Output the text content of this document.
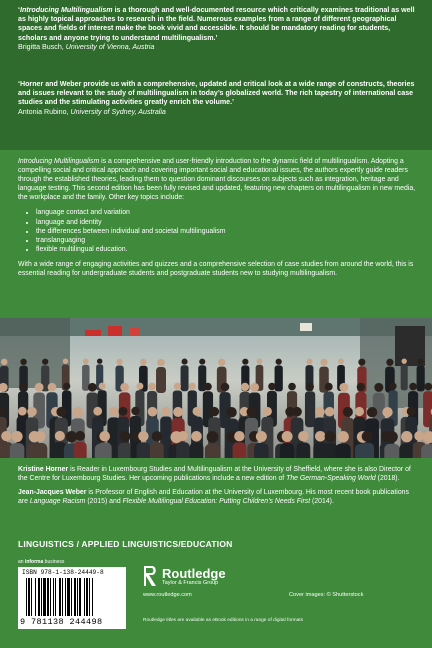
‘Introducing Multilingualism is a thorough and well-documented resource which critically examines traditional as well as highly topical approaches to research in the field. Numerous examples from a range of different geographical spaces and fields of interest make the book vivid and accessible. It should be mandatory reading for students, scholars and anyone trying to understand multilingualism.’
Brigitta Busch, University of Vienna, Austria
‘Horner and Weber provide us with a comprehensive, updated and critical look at a wide range of constructs, theories and issues relevant to the study of multilingualism in today’s globalized world. The rich tapestry of international case studies and the stimulating activities greatly enrich the volume.’
Antonia Rubino, University of Sydney, Australia

Introducing Multilingualism is a comprehensive and user-friendly introduction to the dynamic field of multilingualism. Adopting a compelling social and critical approach and covering important social and educational issues, the authors expertly guide readers through the established theories, leading them to question dominant discourses on subjects such as integration, heritage and language testing. This second edition has been fully revised and updated, featuring new chapters on multilingualism in new media, the workplace and the family. Other key topics include:

• language contact and variation
• language and identity
• the differences between individual and societal multilingualism
• translanguaging
• flexible multilingual education.

With a wide range of engaging activities and quizzes and a comprehensive selection of case studies from around the world, this is essential reading for undergraduate students and postgraduate students new to studying multilingualism.

Kristine Horner is Reader in Luxembourg Studies and Multilingualism at the University of Sheffield, where she is also Director of the Centre for Luxembourg Studies. Her upcoming publications include a new edition of The German-Speaking World (2018).

Jean-Jacques Weber is Professor of English and Education at the University of Luxembourg. His most recent book publications are Language Racism (2015) and Flexible Multilingual Education: Putting Children’s Needs First (2014).

LINGUISTICS / APPLIED LINGUISTICS/EDUCATION
an informa business
ISBN 978-1-138-24449-8
9 781138 244498
Routledge
Taylor & Francis Group
www.routledge.com	Cover images: © Shutterstock
Routledge titles are available as eBook editions in a range of digital formats
